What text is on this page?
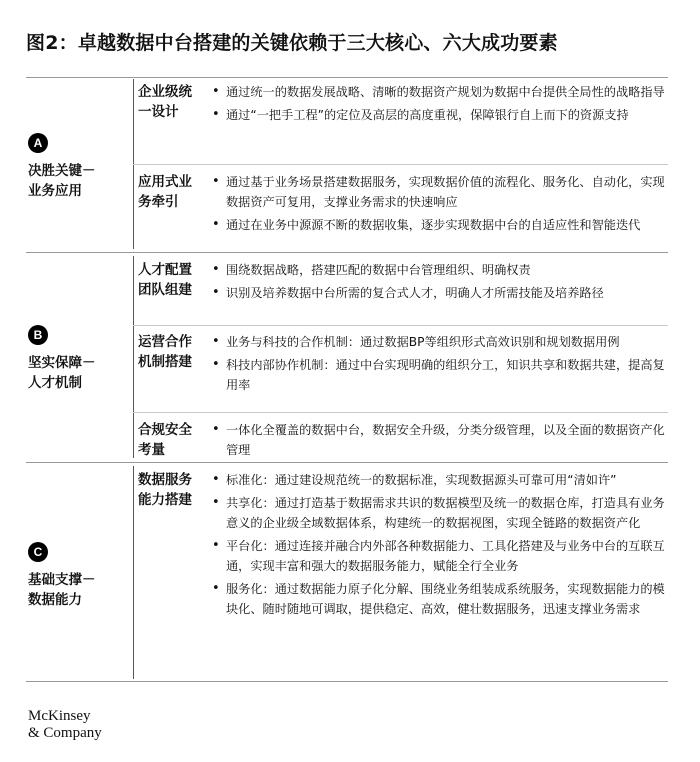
图2：卓越数据中台搭建的关键依赖于三大核心、六大成功要素
A
决胜关键－
业务应用
企业级统
一设计
• 通过统一的数据发展战略、清晰的数据资产规划为数据中台提供全局性的战略指导
• 通过“一把手工程”的定位及高层的高度重视，保障银行自上而下的资源支持
应用式业
务牵引
• 通过基于业务场景搭建数据服务，实现数据价值的流程化、服务化、自动化，实现数据资产可复用，支撑业务需求的快速响应
• 通过在业务中源源不断的数据收集，逐步实现数据中台的自适应性和智能迭代
B
坚实保障－
人才机制
人才配置
团队组建
• 围绕数据战略，搭建匹配的数据中台管理组织、明确权责
• 识别及培养数据中台所需的复合式人才，明确人才所需技能及培养路径
运营合作
机制搭建
• 业务与科技的合作机制：通过数据BP等组织形式高效识别和规划数据用例
• 科技内部协作机制：通过中台实现明确的组织分工，知识共享和数据共建，提高复用率
合规安全
考量
• 一体化全覆盖的数据中台，数据安全升级，分类分级管理，以及全面的数据资产化管理
C
基础支撑－
数据能力
数据服务
能力搭建
• 标准化：通过建设规范统一的数据标准，实现数据源头可靠可用“清如许”
• 共享化：通过打造基于数据需求共识的数据模型及统一的数据仓库，打造具有业务意义的企业级全域数据体系，构建统一的数据视图，实现全链路的数据资产化
• 平台化：通过连接并融合内外部各种数据能力、工具化搭建及与业务中台的互联互通，实现丰富和强大的数据服务能力，赋能全行全业务
• 服务化：通过数据能力原子化分解、围绕业务组装成系统服务，实现数据能力的模块化、随时随地可调取，提供稳定、高效，健壮数据服务，迅速支撑业务需求
McKinsey
& Company
